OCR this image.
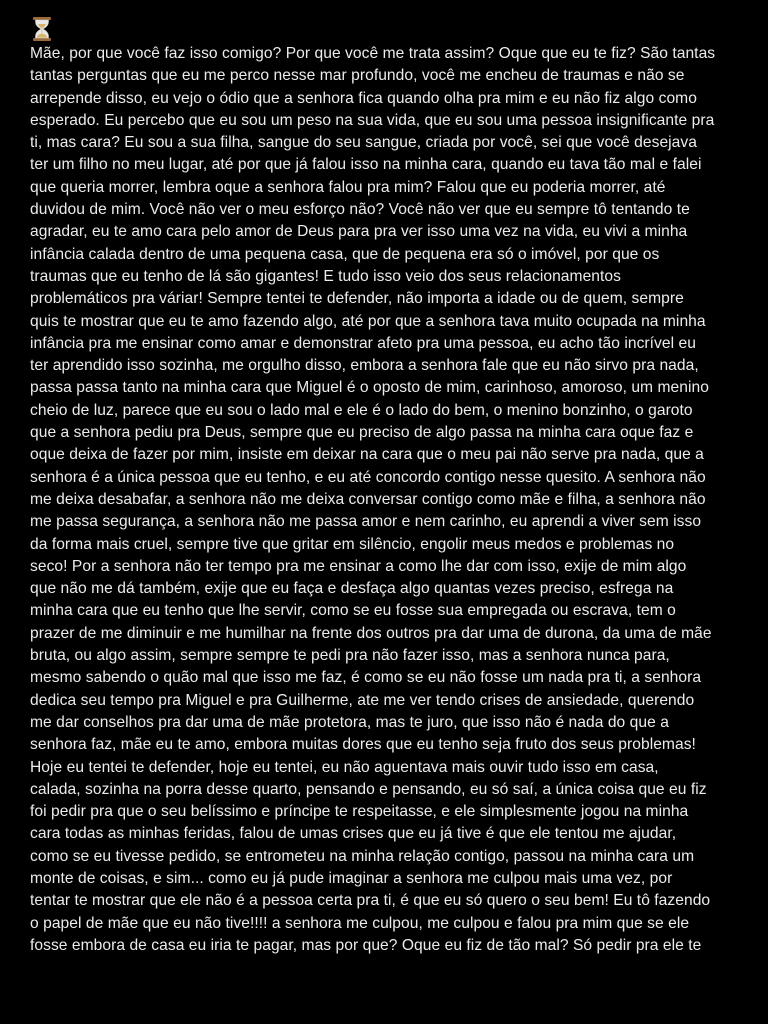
Mãe, por que você faz isso comigo? Por que você me trata assim? Oque que eu te fiz? São tantas
tantas perguntas que eu me perco nesse mar profundo, você me encheu de traumas e não se
arrepende disso, eu vejo o ódio que a senhora fica quando olha pra mim e eu não fiz algo como
esperado. Eu percebo que eu sou um peso na sua vida, que eu sou uma pessoa insignificante pra
ti, mas cara? Eu sou a sua filha, sangue do seu sangue, criada por você, sei que você desejava
ter um filho no meu lugar, até por que já falou isso na minha cara, quando eu tava tão mal e falei
que queria morrer, lembra oque a senhora falou pra mim? Falou que eu poderia morrer, até
duvidou de mim. Você não ver o meu esforço não? Você não ver que eu sempre tô tentando te
agradar, eu te amo cara pelo amor de Deus para pra ver isso uma vez na vida, eu vivi a minha
infância calada dentro de uma pequena casa, que de pequena era só o imóvel, por que os
traumas que eu tenho de lá são gigantes! E tudo isso veio dos seus relacionamentos
problemáticos pra váriar! Sempre tentei te defender, não importa a idade ou de quem, sempre
quis te mostrar que eu te amo fazendo algo, até por que a senhora tava muito ocupada na minha
infância pra me ensinar como amar e demonstrar afeto pra uma pessoa, eu acho tão incrível eu
ter aprendido isso sozinha, me orgulho disso, embora a senhora fale que eu não sirvo pra nada,
passa passa tanto na minha cara que Miguel é o oposto de mim, carinhoso, amoroso, um menino
cheio de luz, parece que eu sou o lado mal e ele é o lado do bem, o menino bonzinho, o garoto
que a senhora pediu pra Deus, sempre que eu preciso de algo passa na minha cara oque faz e
oque deixa de fazer por mim, insiste em deixar na cara que o meu pai não serve pra nada, que a
senhora é a única pessoa que eu tenho, e eu até concordo contigo nesse quesito. A senhora não
me deixa desabafar, a senhora não me deixa conversar contigo como mãe e filha, a senhora não
me passa segurança, a senhora não me passa amor e nem carinho, eu aprendi a viver sem isso
da forma mais cruel, sempre tive que gritar em silêncio, engolir meus medos e problemas no
seco! Por a senhora não ter tempo pra me ensinar a como lhe dar com isso, exije de mim algo
que não me dá também, exije que eu faça e desfaça algo quantas vezes preciso, esfrega na
minha cara que eu tenho que lhe servir, como se eu fosse sua empregada ou escrava, tem o
prazer de me diminuir e me humilhar na frente dos outros pra dar uma de durona, da uma de mãe
bruta, ou algo assim, sempre sempre te pedi pra não fazer isso, mas a senhora nunca para,
mesmo sabendo o quão mal que isso me faz, é como se eu não fosse um nada pra ti, a senhora
dedica seu tempo pra Miguel e pra Guilherme, ate me ver tendo crises de ansiedade, querendo
me dar conselhos pra dar uma de mãe protetora, mas te juro, que isso não é nada do que a
senhora faz, mãe eu te amo, embora muitas dores que eu tenho seja fruto dos seus problemas!
Hoje eu tentei te defender, hoje eu tentei, eu não aguentava mais ouvir tudo isso em casa,
calada, sozinha na porra desse quarto, pensando e pensando, eu só saí, a única coisa que eu fiz
foi pedir pra que o seu belíssimo e príncipe te respeitasse, e ele simplesmente jogou na minha
cara todas as minhas feridas, falou de umas crises que eu já tive é que ele tentou me ajudar,
como se eu tivesse pedido, se entrometeu na minha relação contigo, passou na minha cara um
monte de coisas, e sim... como eu já pude imaginar a senhora me culpou mais uma vez, por
tentar te mostrar que ele não é a pessoa certa pra ti, é que eu só quero o seu bem! Eu tô fazendo
o papel de mãe que eu não tive!!!! a senhora me culpou, me culpou e falou pra mim que se ele
fosse embora de casa eu iria te pagar, mas por que? Oque eu fiz de tão mal? Só pedir pra ele te
